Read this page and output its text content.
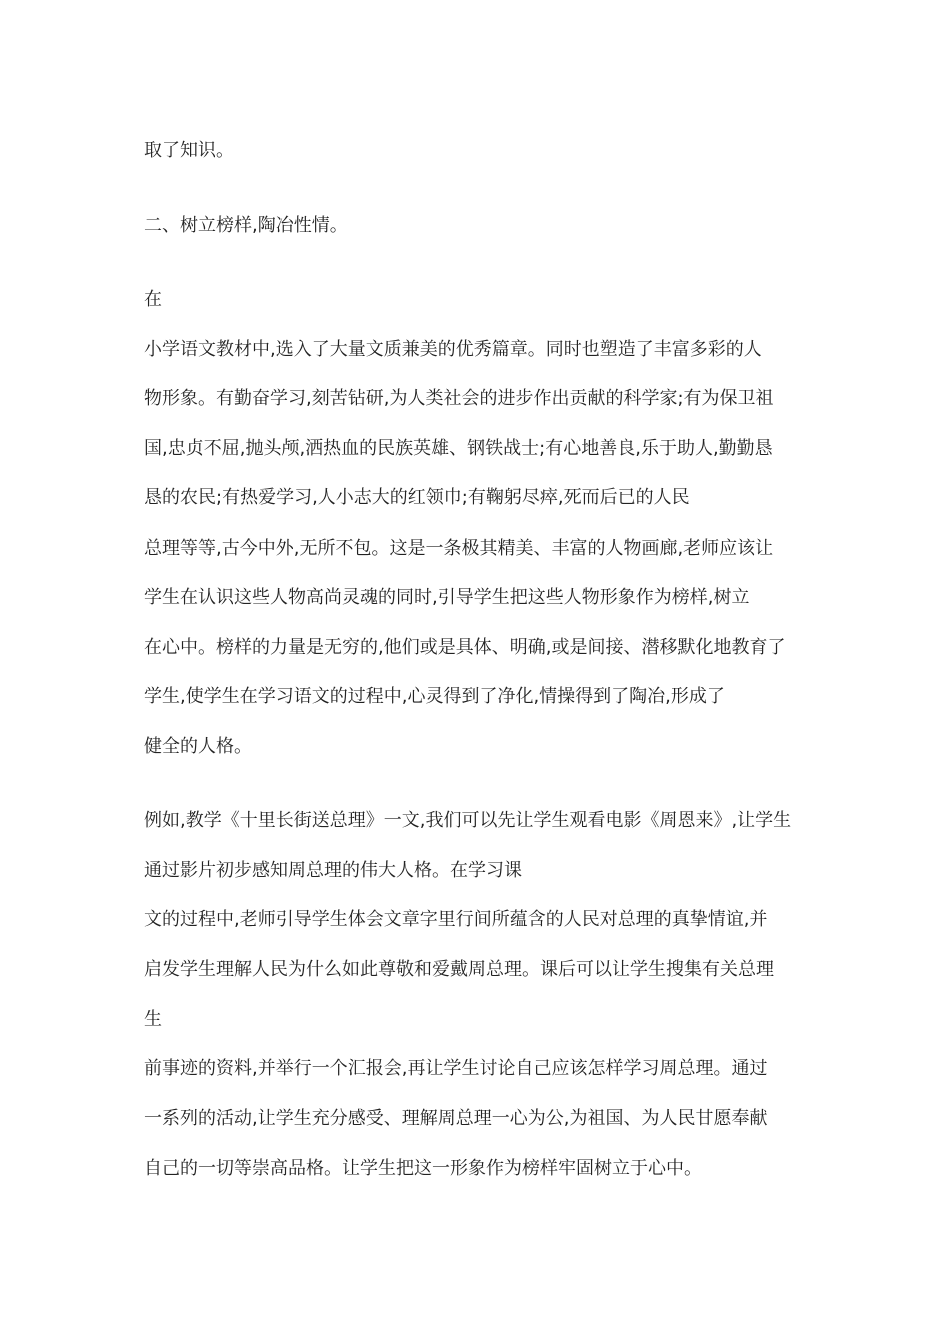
取了知识。

二、树立榜样,陶冶性情。

在

小学语文教材中,选入了大量文质兼美的优秀篇章。同时也塑造了丰富多彩的人

物形象。有勤奋学习,刻苦钻研,为人类社会的进步作出贡献的科学家;有为保卫祖

国,忠贞不屈,抛头颅,洒热血的民族英雄、钢铁战士;有心地善良,乐于助人,勤勤恳

恳的农民;有热爱学习,人小志大的红领巾;有鞠躬尽瘁,死而后已的人民

总理等等,古今中外,无所不包。这是一条极其精美、丰富的人物画廊,老师应该让

学生在认识这些人物高尚灵魂的同时,引导学生把这些人物形象作为榜样,树立

在心中。榜样的力量是无穷的,他们或是具体、明确,或是间接、潜移默化地教育了

学生,使学生在学习语文的过程中,心灵得到了净化,情操得到了陶冶,形成了

健全的人格。

例如,教学《十里长街送总理》一文,我们可以先让学生观看电影《周恩来》,让学生

通过影片初步感知周总理的伟大人格。在学习课

文的过程中,老师引导学生体会文章字里行间所蕴含的人民对总理的真挚情谊,并

启发学生理解人民为什么如此尊敬和爱戴周总理。课后可以让学生搜集有关总理

生

前事迹的资料,并举行一个汇报会,再让学生讨论自己应该怎样学习周总理。通过

一系列的活动,让学生充分感受、理解周总理一心为公,为祖国、为人民甘愿奉献

自己的一切等崇高品格。让学生把这一形象作为榜样牢固树立于心中。
